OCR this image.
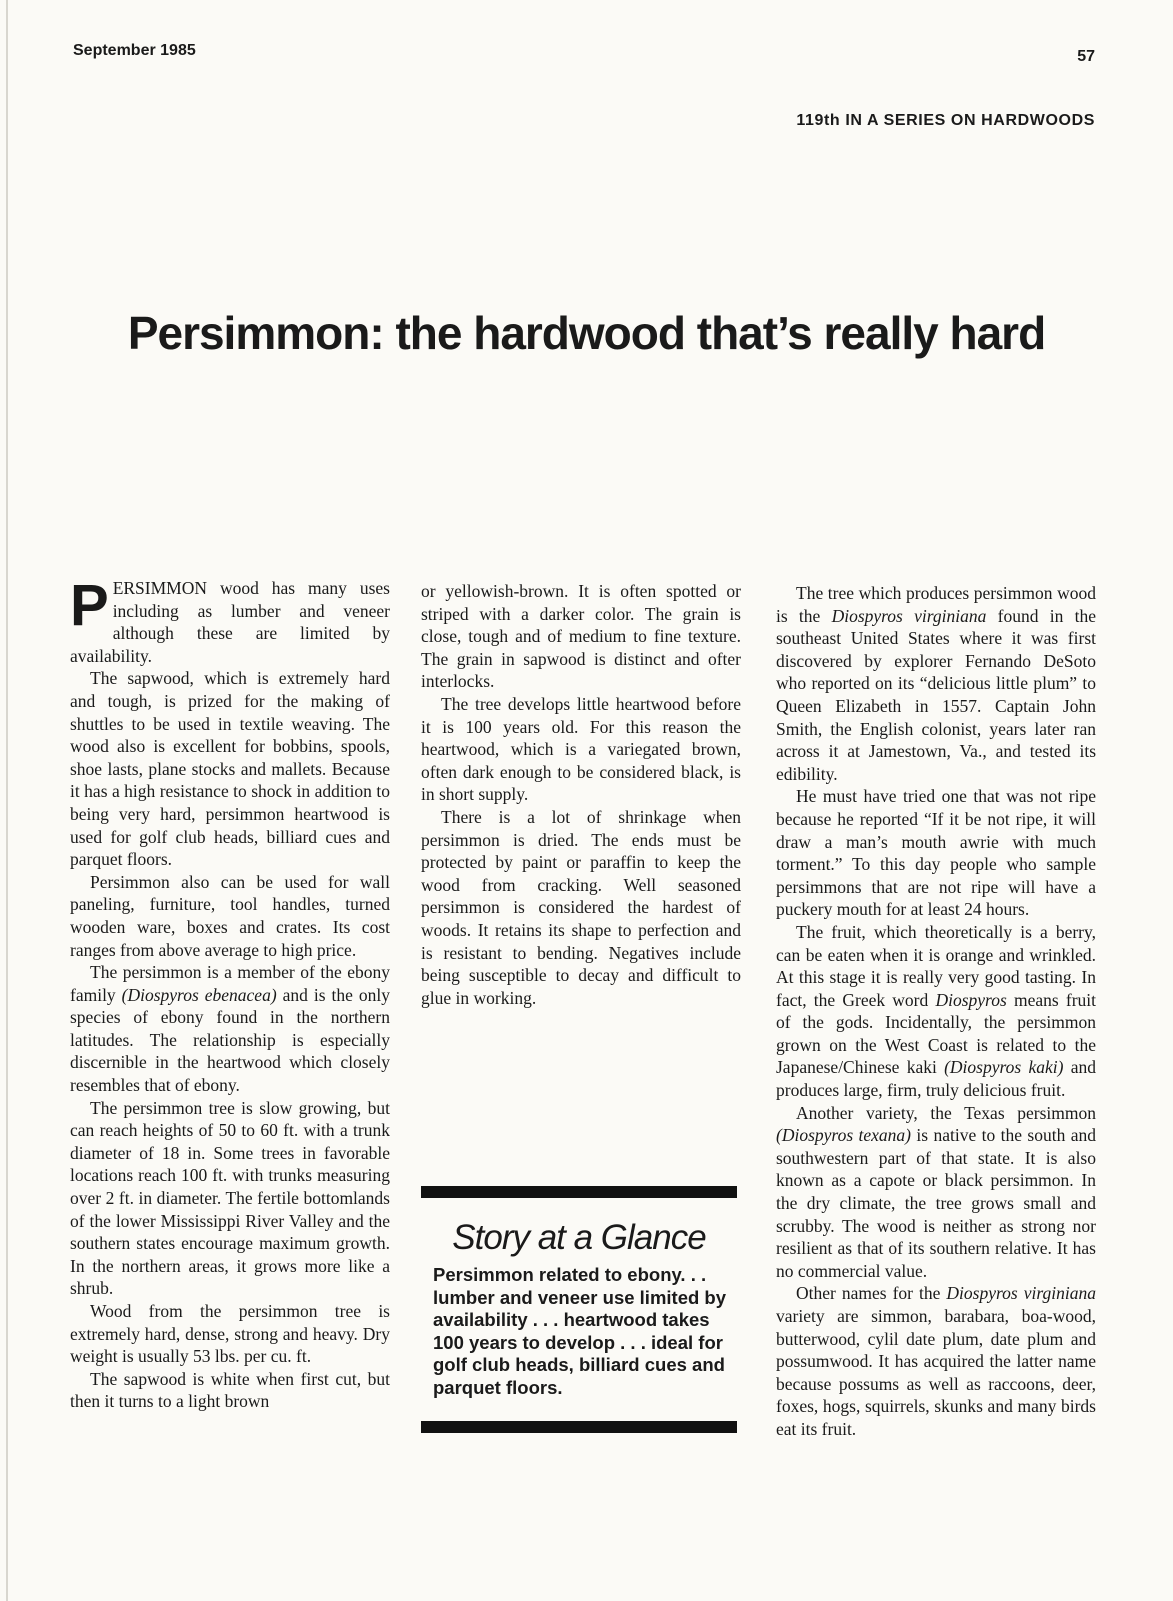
September 1985	57
119th IN A SERIES ON HARDWOODS
Persimmon: the hardwood that’s really hard

PERSIMMON wood has many uses including as lumber and veneer although these are limited by availability.

The sapwood, which is extremely hard and tough, is prized for the making of shuttles to be used in textile weaving. The wood also is excellent for bobbins, spools, shoe lasts, plane stocks and mallets. Because it has a high resistance to shock in addition to being very hard, persimmon heartwood is used for golf club heads, billiard cues and parquet floors.

Persimmon also can be used for wall paneling, furniture, tool handles, turned wooden ware, boxes and crates. Its cost ranges from above average to high price.

The persimmon is a member of the ebony family (Diospyros ebenacea) and is the only species of ebony found in the northern latitudes. The relationship is especially discernible in the heartwood which closely resembles that of ebony.

The persimmon tree is slow growing, but can reach heights of 50 to 60 ft. with a trunk diameter of 18 in. Some trees in favorable locations reach 100 ft. with trunks measuring over 2 ft. in diameter. The fertile bottomlands of the lower Mississippi River Valley and the southern states encourage maximum growth. In the northern areas, it grows more like a shrub.

Wood from the persimmon tree is extremely hard, dense, strong and heavy. Dry weight is usually 53 lbs. per cu. ft.

The sapwood is white when first cut, but then it turns to a light brown

or yellowish-brown. It is often spotted or striped with a darker color. The grain is close, tough and of medium to fine texture. The grain in sapwood is distinct and ofter interlocks.

The tree develops little heartwood before it is 100 years old. For this reason the heartwood, which is a variegated brown, often dark enough to be considered black, is in short supply.

There is a lot of shrinkage when persimmon is dried. The ends must be protected by paint or paraffin to keep the wood from cracking. Well seasoned persimmon is considered the hardest of woods. It retains its shape to perfection and is resistant to bending. Negatives include being susceptible to decay and difficult to glue in working.

Story at a Glance

Persimmon related to ebony. . . lumber and veneer use limited by availability . . . heartwood takes 100 years to develop . . . ideal for golf club heads, billiard cues and parquet floors.

The tree which produces persimmon wood is the Diospyros virginiana found in the southeast United States where it was first discovered by explorer Fernando DeSoto who reported on its “delicious little plum” to Queen Elizabeth in 1557. Captain John Smith, the English colonist, years later ran across it at Jamestown, Va., and tested its edibility.

He must have tried one that was not ripe because he reported “If it be not ripe, it will draw a man’s mouth awrie with much torment.” To this day people who sample persimmons that are not ripe will have a puckery mouth for at least 24 hours.

The fruit, which theoretically is a berry, can be eaten when it is orange and wrinkled. At this stage it is really very good tasting. In fact, the Greek word Diospyros means fruit of the gods. Incidentally, the persimmon grown on the West Coast is related to the Japanese/Chinese kaki (Diospyros kaki) and produces large, firm, truly delicious fruit.

Another variety, the Texas persimmon (Diospyros texana) is native to the south and southwestern part of that state. It is also known as a capote or black persimmon. In the dry climate, the tree grows small and scrubby. The wood is neither as strong nor resilient as that of its southern relative. It has no commercial value.

Other names for the Diospyros virginiana variety are simmon, barabara, boa-wood, butterwood, cylil date plum, date plum and possumwood. It has acquired the latter name because possums as well as raccoons, deer, foxes, hogs, squirrels, skunks and many birds eat its fruit.
